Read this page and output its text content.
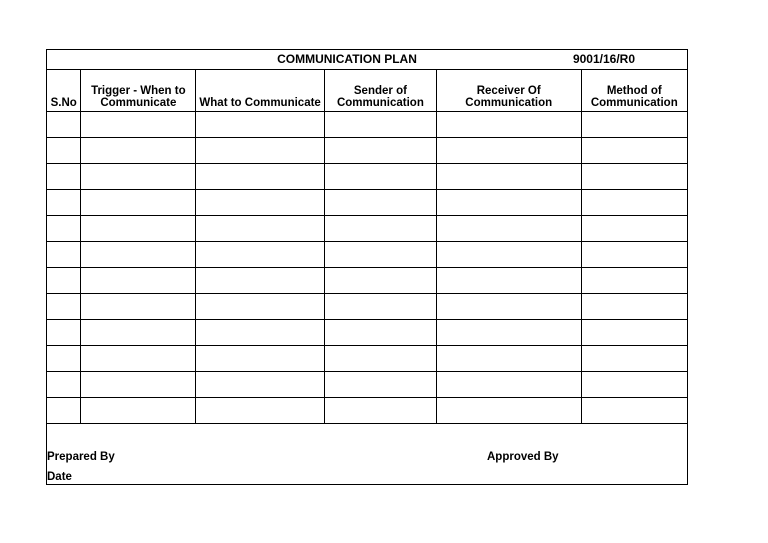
COMMUNICATION PLAN	9001/16/R0
S.No	Trigger - When to Communicate	What to Communicate	Sender of Communication	Receiver Of Communication	Method of Communication

Prepared By	Approved By
Date
